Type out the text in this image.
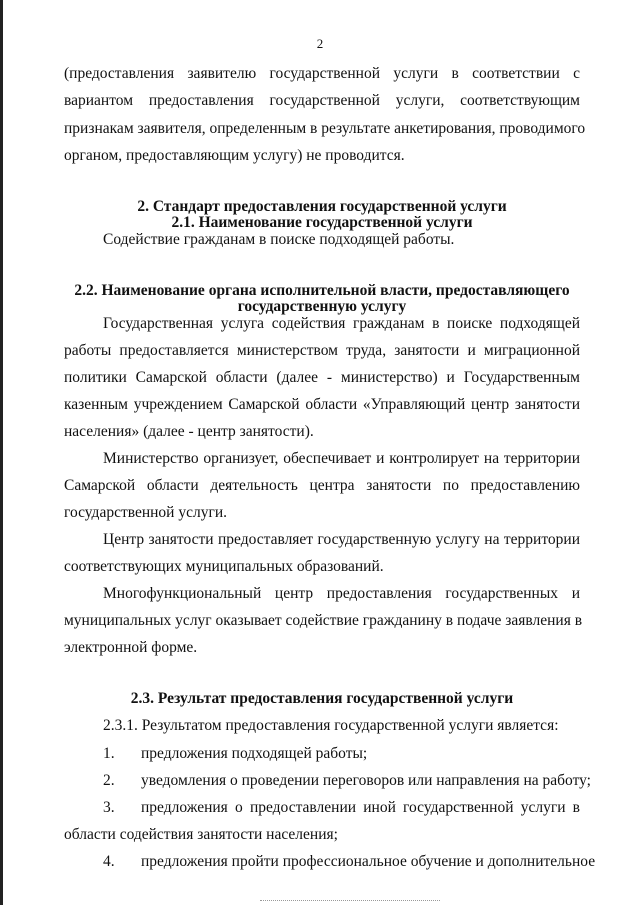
2
(предоставления заявителю государственной услуги в соответствии с
вариантом предоставления государственной услуги, соответствующим
признакам заявителя, определенным в результате анкетирования, проводимого
органом, предоставляющим услугу) не проводится.
2. Стандарт предоставления государственной услуги
2.1. Наименование государственной услуги
Содействие гражданам в поиске подходящей работы.
2.2. Наименование органа исполнительной власти, предоставляющего
государственную услугу
Государственная услуга содействия гражданам в поиске подходящей
работы предоставляется министерством труда, занятости и миграционной
политики Самарской области (далее - министерство) и Государственным
казенным учреждением Самарской области «Управляющий центр занятости
населения» (далее - центр занятости).
Министерство организует, обеспечивает и контролирует на территории
Самарской области деятельность центра занятости по предоставлению
государственной услуги.
Центр занятости предоставляет государственную услугу на территории
соответствующих муниципальных образований.
Многофункциональный центр предоставления государственных и
муниципальных услуг оказывает содействие гражданину в подаче заявления в
электронной форме.
2.3. Результат предоставления государственной услуги
2.3.1. Результатом предоставления государственной услуги является:
1.	предложения подходящей работы;
2.	уведомления о проведении переговоров или направления на работу;
3.	предложения о предоставлении иной государственной услуги в
области содействия занятости населения;
4.	предложения пройти профессиональное обучение и дополнительное
